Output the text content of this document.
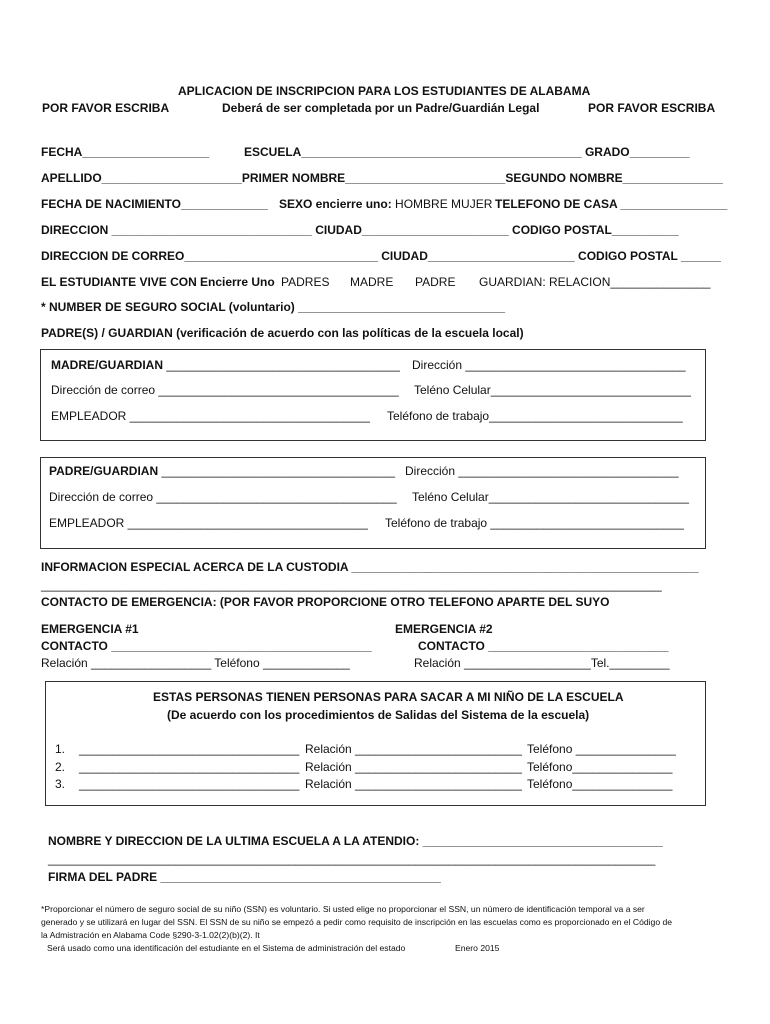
APLICACION DE INSCRIPCION PARA LOS ESTUDIANTES DE ALABAMA
POR FAVOR ESCRIBA	Deberá de ser completada por un Padre/Guardián Legal	POR FAVOR ESCRIBA
FECHA___________________	ESCUELA__________________________________________ GRADO_________
APELLIDO_____________________PRIMER NOMBRE________________________SEGUNDO NOMBRE_______________
FECHA DE NACIMIENTO_____________ SEXO encierre uno: HOMBRE MUJER TELEFONO DE CASA ________________
DIRECCION ______________________________ CIUDAD______________________ CODIGO POSTAL__________
DIRECCION DE CORREO_____________________________ CIUDAD______________________ CODIGO POSTAL ______
EL ESTUDIANTE VIVE CON Encierre Uno PADRES MADRE PADRE GUARDIAN: RELACION_______________
* NUMBER DE SEGURO SOCIAL (voluntario) _______________________________
PADRE(S) / GUARDIAN (verificación de acuerdo con las políticas de la escuela local)
MADRE/GUARDIAN ___________________________________ Dirección _________________________________
Dirección de correo ____________________________________ Teléno Celular______________________________
EMPLEADOR ____________________________________ Teléfono de trabajo_____________________________
PADRE/GUARDIAN ___________________________________ Dirección _________________________________
Dirección de correo ____________________________________ Teléno Celular______________________________
EMPLEADOR ____________________________________ Teléfono de trabajo _____________________________
INFORMACION ESPECIAL ACERCA DE LA CUSTODIA ____________________________________________________
_____________________________________________________________________________________________
CONTACTO DE EMERGENCIA: (POR FAVOR PROPORCIONE OTRO TELEFONO APARTE DEL SUYO
EMERGENCIA #1
CONTACTO _______________________________________
Relación __________________ Teléfono _____________
EMERGENCIA #2
CONTACTO ___________________________
Relación ___________________Tel._________
ESTAS PERSONAS TIENEN PERSONAS PARA SACAR A MI NIÑO DE LA ESCUELA
(De acuerdo con los procedimientos de Salidas del Sistema de la escuela)
1. _________________________________ Relación _________________________ Teléfono _______________
2. _________________________________ Relación _________________________ Teléfono_______________
3. _________________________________ Relación _________________________ Teléfono_______________
NOMBRE Y DIRECCION DE LA ULTIMA ESCUELA A LA ATENDIO: ____________________________________
___________________________________________________________________________________________
FIRMA DEL PADRE __________________________________________
*Proporcionar el número de seguro social de su niño (SSN) es voluntario. Si usted elige no proporcionar el SSN, un número de identificación temporal va a ser
generado y se utilizará en lugar del SSN. El SSN de su niño se empezó a pedir como requisito de inscripción en las escuelas como es proporcionado en el Código de
la Admistración en Alabama Code §290-3-1.02(2)(b)(2). It
Será usado como una identificación del estudiante en el Sistema de administración del estado	Enero 2015
